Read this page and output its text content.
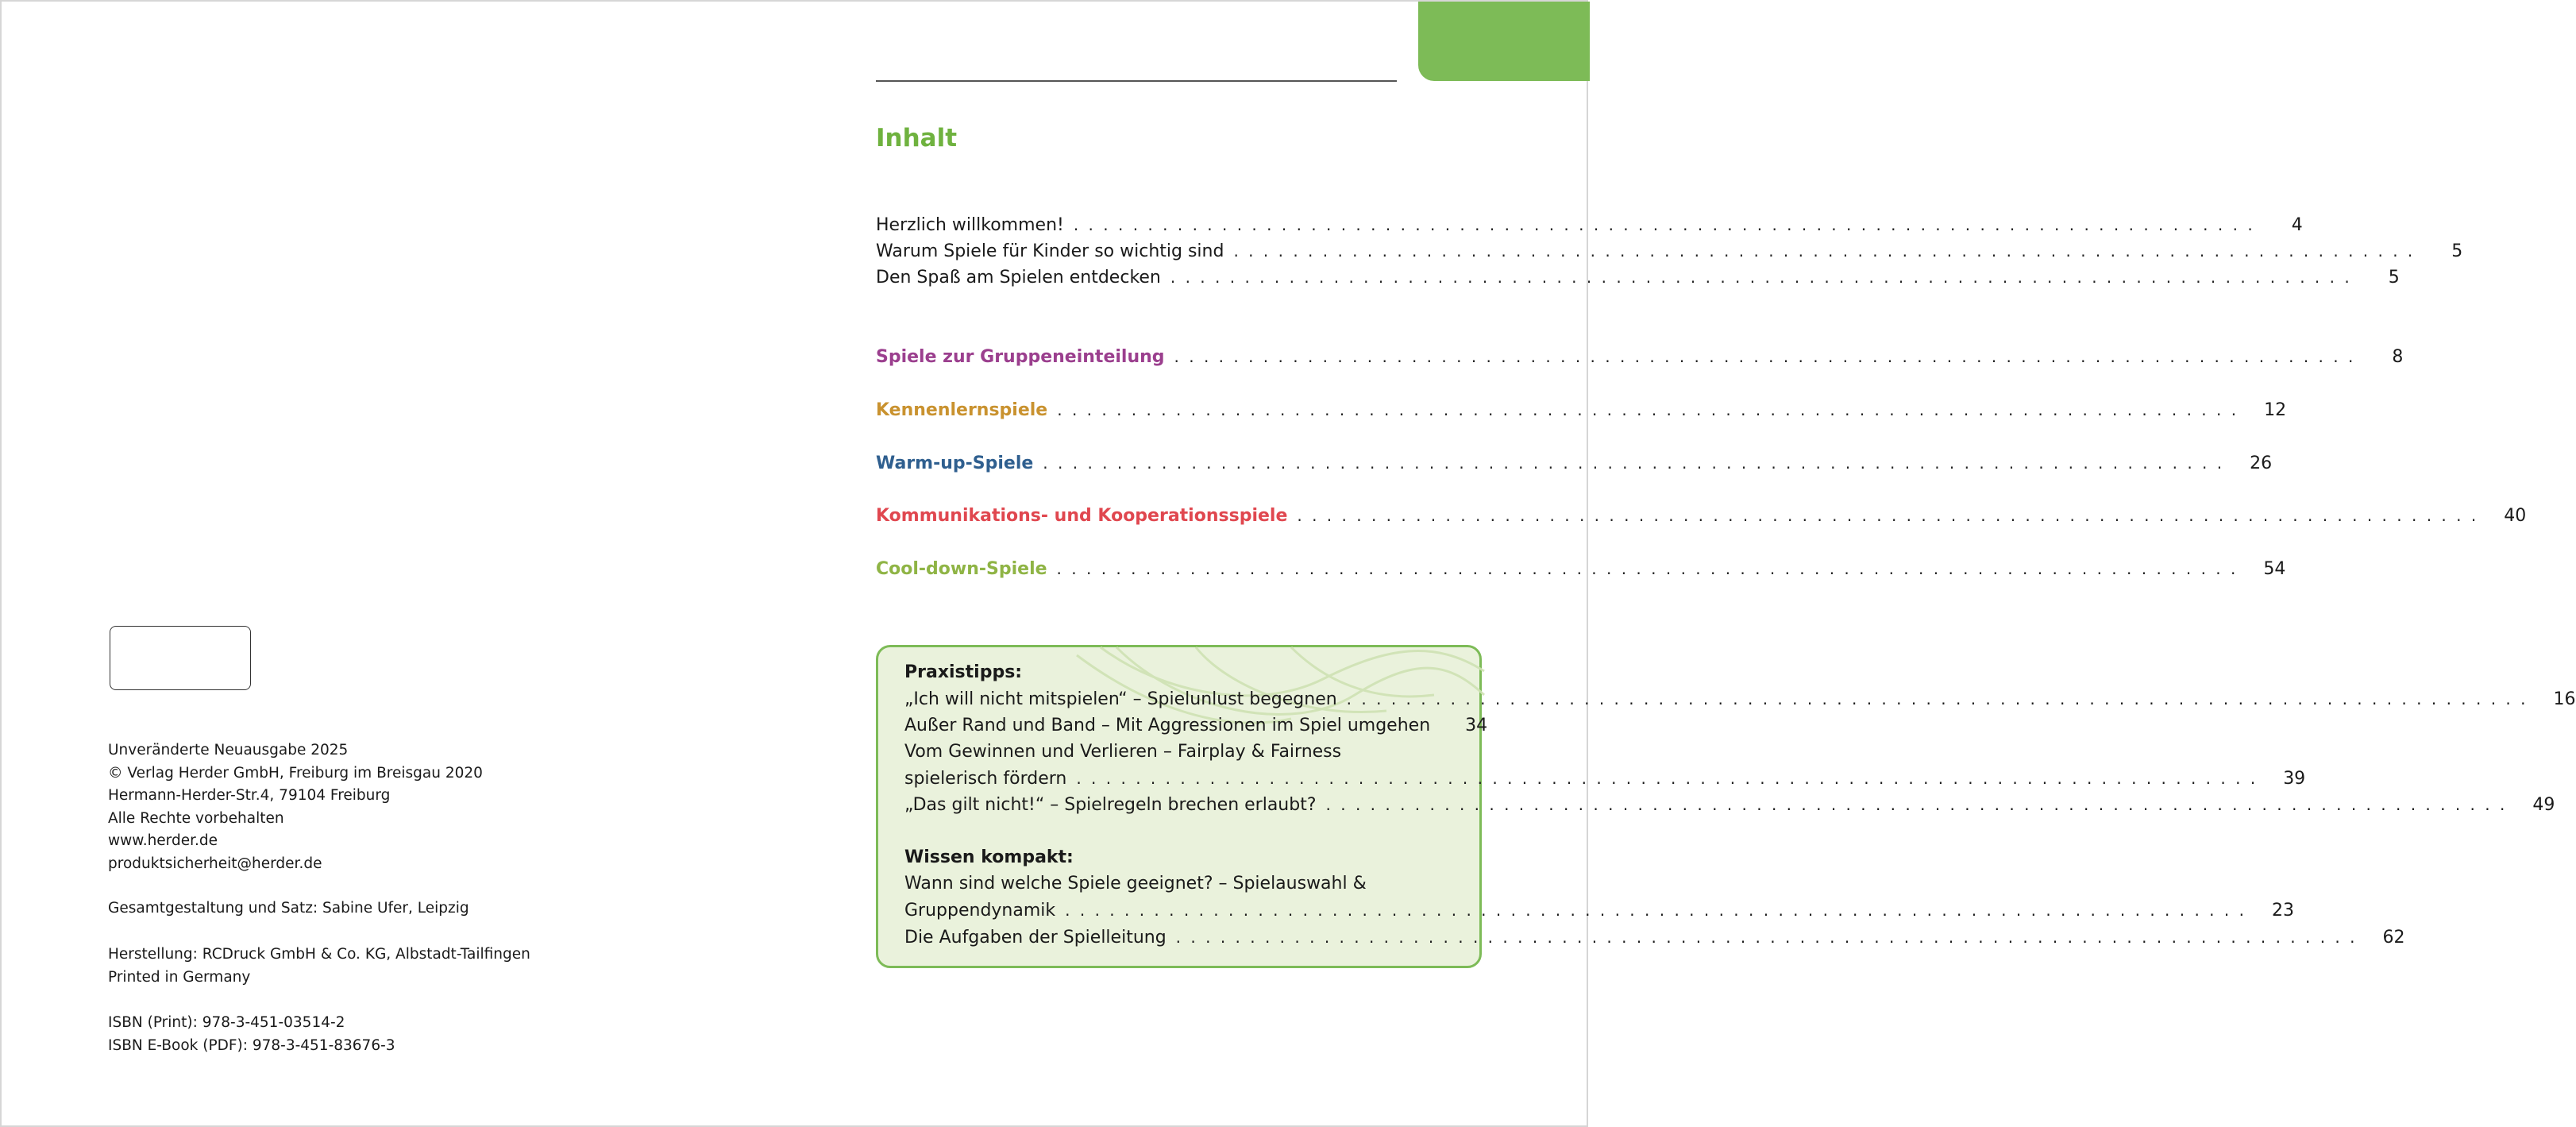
Inhalt
Herzlich willkommen! . . . . . . . . . . . . . . . . . . . . . . . . . . . . . . . . . . . . . . . . . . . . . . . . . . . . . . . . . . . . . . . . . . . . . . . . . . . . . . . .	4
Warum Spiele für Kinder so wichtig sind . . . . . . . . . . . . . . . . . . . . . . . . . . . . . . . . . . . . . . . . . . . . . . . . . . . . . . . . . . . . . . . . . . . . . . . . . . . . . . . .	5
Den Spaß am Spielen entdecken . . . . . . . . . . . . . . . . . . . . . . . . . . . . . . . . . . . . . . . . . . . . . . . . . . . . . . . . . . . . . . . . . . . . . . . . . . . . . . . .	5
Spiele zur Gruppeneinteilung . . . . . . . . . . . . . . . . . . . . . . . . . . . . . . . . . . . . . . . . . . . . . . . . . . . . . . . . . . . . . . . . . . . . . . . . . . . . . . . .	8
Kennenlernspiele . . . . . . . . . . . . . . . . . . . . . . . . . . . . . . . . . . . . . . . . . . . . . . . . . . . . . . . . . . . . . . . . . . . . . . . . . . . . . . . .	12
Warm-up-Spiele . . . . . . . . . . . . . . . . . . . . . . . . . . . . . . . . . . . . . . . . . . . . . . . . . . . . . . . . . . . . . . . . . . . . . . . . . . . . . . . .	26
Kommunikations- und Kooperationsspiele . . . . . . . . . . . . . . . . . . . . . . . . . . . . . . . . . . . . . . . . . . . . . . . . . . . . . . . . . . . . . . . . . . . . . . . . . . . . . . . .	40
Cool-down-Spiele . . . . . . . . . . . . . . . . . . . . . . . . . . . . . . . . . . . . . . . . . . . . . . . . . . . . . . . . . . . . . . . . . . . . . . . . . . . . . . . .	54
Praxistipps:
„Ich will nicht mitspielen“ – Spielunlust begegnen . . . . . . . . . . . . . . . . . . . . . . . . . . . . . . . . . . . . . . . . . . . . . . . . . . . . . . . . . . . . . . . . . . . . . . . . . . . . . . . .	16
Außer Rand und Band – Mit Aggressionen im Spiel umgehen	34
Vom Gewinnen und Verlieren – Fairplay & Fairness
spielerisch fördern . . . . . . . . . . . . . . . . . . . . . . . . . . . . . . . . . . . . . . . . . . . . . . . . . . . . . . . . . . . . . . . . . . . . . . . . . . . . . . . .	39
„Das gilt nicht!“ – Spielregeln brechen erlaubt? . . . . . . . . . . . . . . . . . . . . . . . . . . . . . . . . . . . . . . . . . . . . . . . . . . . . . . . . . . . . . . . . . . . . . . . . . . . . . . . .	49
Wissen kompakt:
Wann sind welche Spiele geeignet? – Spielauswahl &
Gruppendynamik . . . . . . . . . . . . . . . . . . . . . . . . . . . . . . . . . . . . . . . . . . . . . . . . . . . . . . . . . . . . . . . . . . . . . . . . . . . . . . . .	23
Die Aufgaben der Spielleitung . . . . . . . . . . . . . . . . . . . . . . . . . . . . . . . . . . . . . . . . . . . . . . . . . . . . . . . . . . . . . . . . . . . . . . . . . . . . . . . .	62
Unveränderte Neuausgabe 2025
© Verlag Herder GmbH, Freiburg im Breisgau 2020
Hermann-Herder-Str.4, 79104 Freiburg
Alle Rechte vorbehalten
www.herder.de
produktsicherheit@herder.de
Gesamtgestaltung und Satz: Sabine Ufer, Leipzig
Herstellung: RCDruck GmbH & Co. KG, Albstadt-Tailfingen
Printed in Germany
ISBN (Print): 978-3-451-03514-2
ISBN E-Book (PDF): 978-3-451-83676-3
